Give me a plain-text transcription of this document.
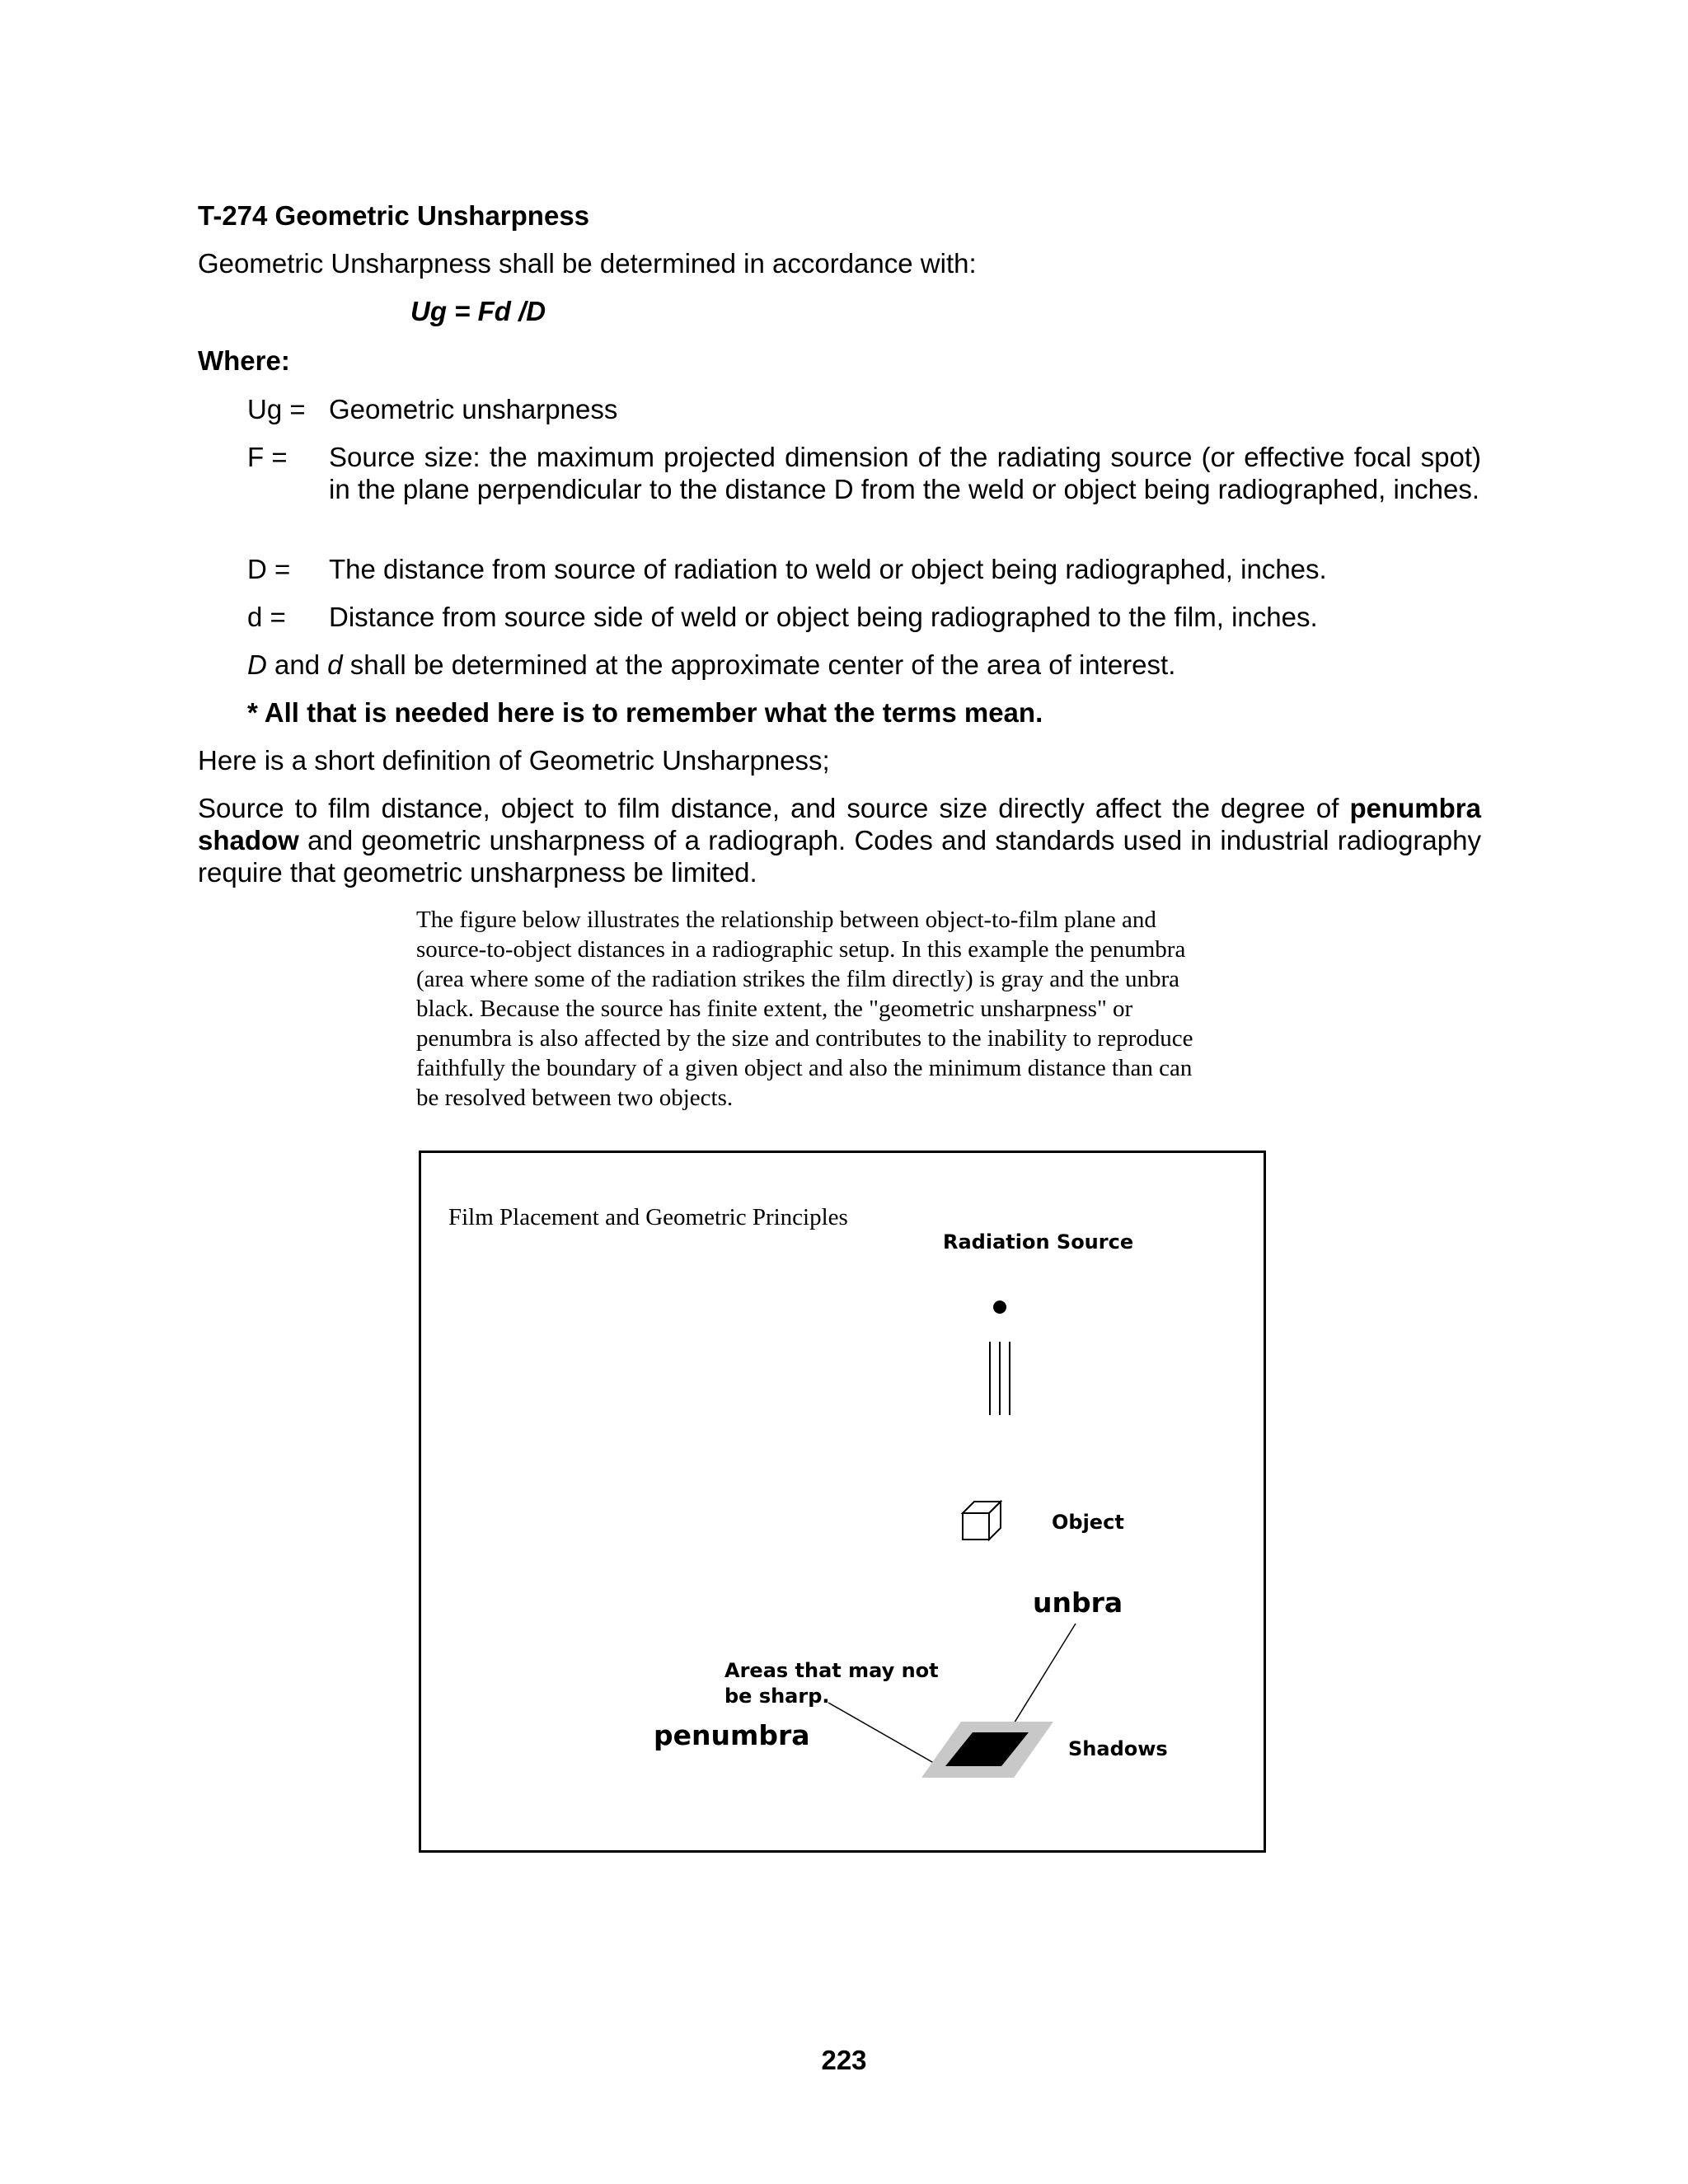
T-274 Geometric Unsharpness
Geometric Unsharpness shall be determined in accordance with:
Ug = Fd /D
Where:
Ug = Geometric unsharpness
F = Source size: the maximum projected dimension of the radiating source (or effective focal spot) in the plane perpendicular to the distance D from the weld or object being radiographed, inches.
D = The distance from source of radiation to weld or object being radiographed, inches.
d = Distance from source side of weld or object being radiographed to the film, inches.
D and d shall be determined at the approximate center of the area of interest.
* All that is needed here is to remember what the terms mean.
Here is a short definition of Geometric Unsharpness;
Source to film distance, object to film distance, and source size directly affect the degree of penumbra shadow and geometric unsharpness of a radiograph. Codes and standards used in industrial radiography require that geometric unsharpness be limited.
The figure below illustrates the relationship between object-to-film plane and
source-to-object distances in a radiographic setup. In this example the penumbra
(area where some of the radiation strikes the film directly) is gray and the unbra
black. Because the source has finite extent, the "geometric unsharpness" or
penumbra is also affected by the size and contributes to the inability to reproduce
faithfully the boundary of a given object and also the minimum distance than can
be resolved between two objects.
Film Placement and Geometric Principles
Radiation Source
Object
unbra
Areas that may not
be sharp.
penumbra	Shadows
223
